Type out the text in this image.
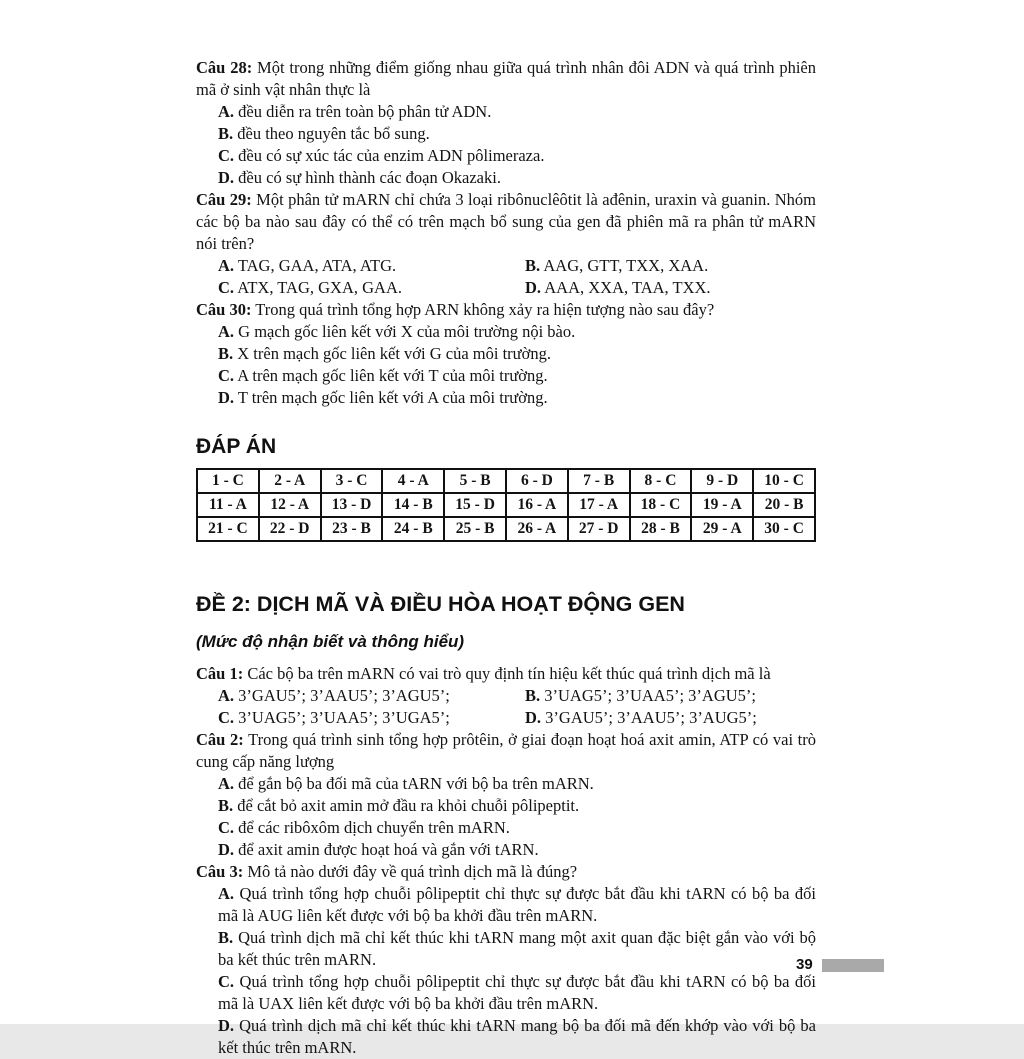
Câu 28: Một trong những điểm giống nhau giữa quá trình nhân đôi ADN và quá trình phiên mã ở sinh vật nhân thực là

A. đều diễn ra trên toàn bộ phân tử ADN.

B. đều theo nguyên tắc bổ sung.

C. đều có sự xúc tác của enzim ADN pôlimeraza.

D. đều có sự hình thành các đoạn Okazaki.

Câu 29: Một phân tử mARN chỉ chứa 3 loại ribônuclêôtit là ađênin, uraxin và guanin. Nhóm các bộ ba nào sau đây có thể có trên mạch bổ sung của gen đã phiên mã ra phân tử mARN nói trên?

A. TAG, GAA, ATA, ATG.	B. AAG, GTT, TXX, XAA.

C. ATX, TAG, GXA, GAA.	D. AAA, XXA, TAA, TXX.

Câu 30: Trong quá trình tổng hợp ARN không xảy ra hiện tượng nào sau đây?

A. G mạch gốc liên kết với X của môi trường nội bào.

B. X trên mạch gốc liên kết với G của môi trường.

C. A trên mạch gốc liên kết với T của môi trường.

D. T trên mạch gốc liên kết với A của môi trường.

ĐÁP ÁN
1 - C	2 - A	3 - C	4 - A	5 - B	6 - D	7 - B	8 - C	9 - D	10 - C
11 - A	12 - A	13 - D	14 - B	15 - D	16 - A	17 - A	18 - C	19 - A	20 - B
21 - C	22 - D	23 - B	24 - B	25 - B	26 - A	27 - D	28 - B	29 - A	30 - C
ĐỀ 2: DỊCH MÃ VÀ ĐIỀU HÒA HOẠT ĐỘNG GEN

(Mức độ nhận biết và thông hiểu)

Câu 1: Các bộ ba trên mARN có vai trò quy định tín hiệu kết thúc quá trình dịch mã là

A. 3’GAU5’; 3’AAU5’; 3’AGU5’;	B. 3’UAG5’; 3’UAA5’; 3’AGU5’;

C. 3’UAG5’; 3’UAA5’; 3’UGA5’;	D. 3’GAU5’; 3’AAU5’; 3’AUG5’;

Câu 2: Trong quá trình sinh tổng hợp prôtêin, ở giai đoạn hoạt hoá axit amin, ATP có vai trò cung cấp năng lượng

A. để gắn bộ ba đối mã của tARN với bộ ba trên mARN.

B. để cắt bỏ axit amin mở đầu ra khỏi chuỗi pôlipeptit.

C. để các ribôxôm dịch chuyển trên mARN.

D. để axit amin được hoạt hoá và gắn với tARN.

Câu 3: Mô tả nào dưới đây về quá trình dịch mã là đúng?

A. Quá trình tổng hợp chuỗi pôlipeptit chỉ thực sự được bắt đầu khi tARN có bộ ba đối mã là AUG liên kết được với bộ ba khởi đầu trên mARN.

B. Quá trình dịch mã chỉ kết thúc khi tARN mang một axit quan đặc biệt gắn vào với bộ ba kết thúc trên mARN.

C. Quá trình tổng hợp chuỗi pôlipeptit chỉ thực sự được bắt đầu khi tARN có bộ ba đối mã là UAX liên kết được với bộ ba khởi đầu trên mARN.

D. Quá trình dịch mã chỉ kết thúc khi tARN mang bộ ba đối mã đến khớp vào với bộ ba kết thúc trên mARN.

39
